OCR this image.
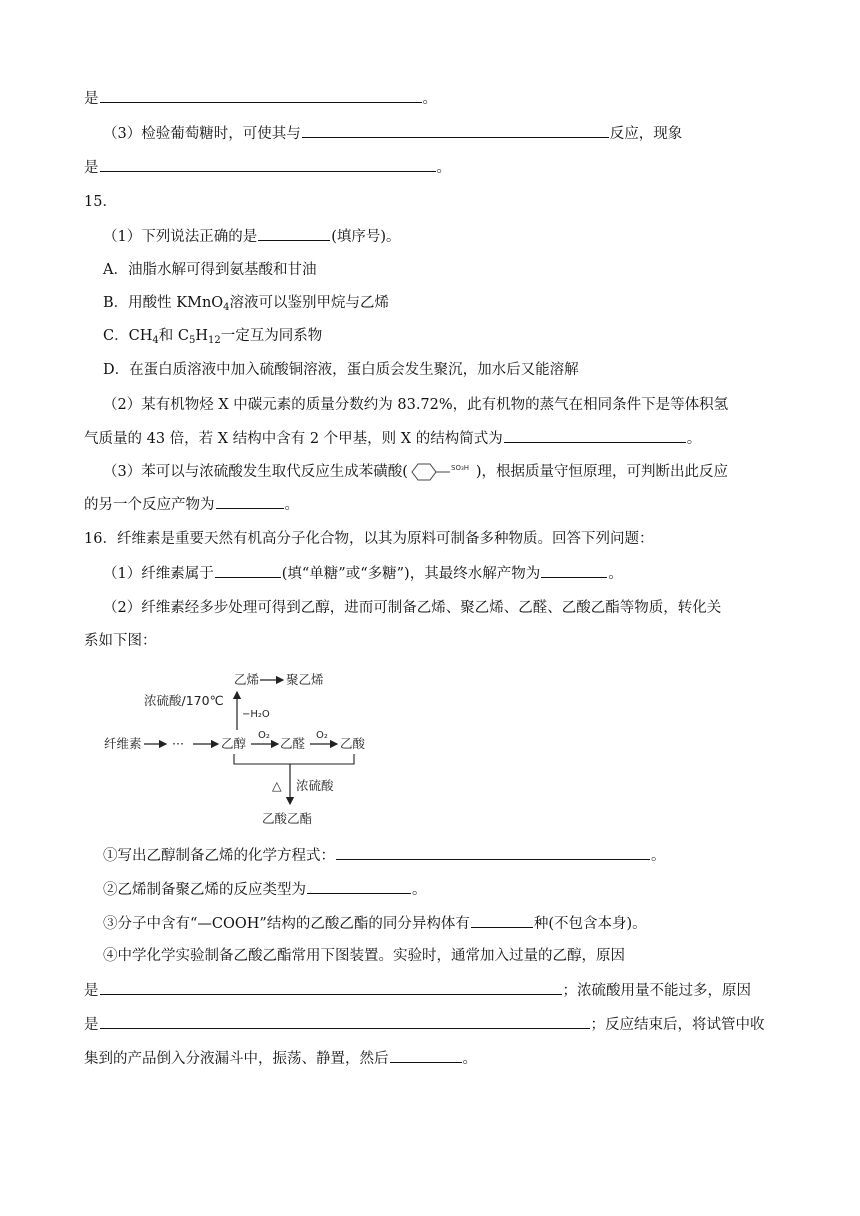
是	。
（3）检验葡萄糖时，可使其与	反应，现象
是	。
15．
（1）下列说法正确的是	(填序号)。
A．油脂水解可得到氨基酸和甘油
B．用酸性 KMnO$_4$溶液可以鉴别甲烷与乙烯
C．$CH_4$和 $C_5H_{12}$一定互为同系物
D．在蛋白质溶液中加入硫酸铜溶液，蛋白质会发生聚沉，加水后又能溶解
（2）某有机物烃 X 中碳元素的质量分数约为 83.72%，此有机物的蒸气在相同条件下是等体积氢
气质量的 43 倍，若 X 结构中含有 2 个甲基，则 X 的结构简式为	。
（3）苯可以与浓硫酸发生取代反应生成苯磺酸(	SO₃H )，根据质量守恒原理，可判断出此反应
的另一个反应产物为	。
16．纤维素是重要天然有机高分子化合物，以其为原料可制备多种物质。回答下列问题：
（1）纤维素属于	(填“单糖”或“多糖”)，其最终水解产物为	。
（2）纤维素经多步处理可得到乙醇，进而可制备乙烯、聚乙烯、乙醛、乙酸乙酯等物质，转化关
系如下图：
乙烯 聚乙烯
浓硫酸/170℃
−H₂O
纤维素 ···	乙醇
O₂
乙醛
O₂
乙酸
△ 浓硫酸
乙酸乙酯
①写出乙醇制备乙烯的化学方程式：	。
②乙烯制备聚乙烯的反应类型为	。
③分子中含有“—COOH”结构的乙酸乙酯的同分异构体有	种(不包含本身)。
④中学化学实验制备乙酸乙酯常用下图装置。实验时，通常加入过量的乙醇，原因
是	；浓硫酸用量不能过多，原因
是	；反应结束后，将试管中收
集到的产品倒入分液漏斗中，振荡、静置，然后	。
